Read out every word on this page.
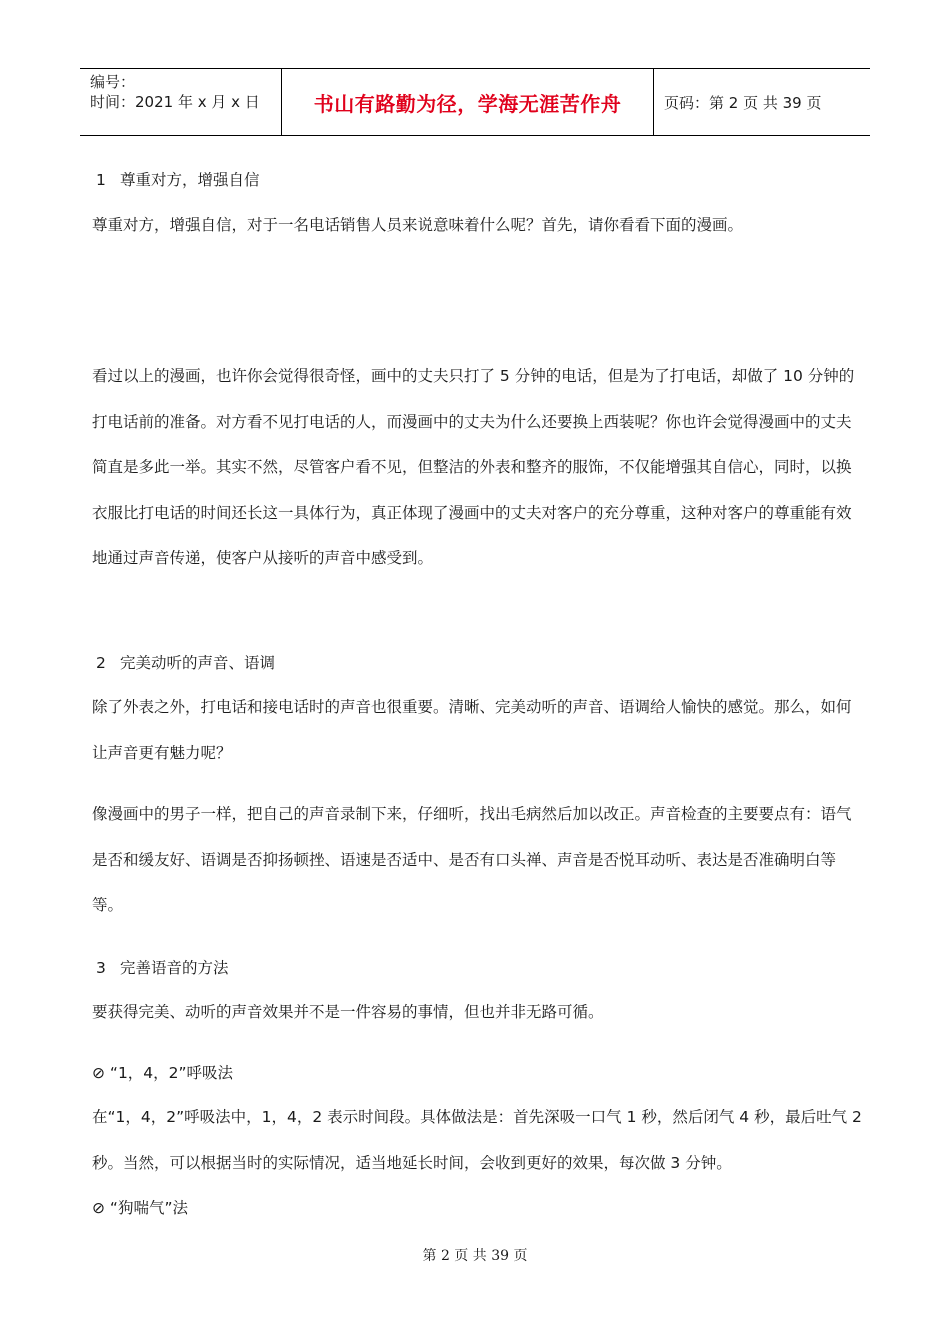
编号：
时间：2021 年 x 月 x 日	书山有路勤为径，学海无涯苦作舟	页码：第 2 页 共 39 页
1 尊重对方，增强自信
尊重对方，增强自信，对于一名电话销售人员来说意味着什么呢？首先，请你看看下面的漫画。
看过以上的漫画，也许你会觉得很奇怪，画中的丈夫只打了 5 分钟的电话，但是为了打电话，却做了 10 分钟的打电话前的准备。对方看不见打电话的人，而漫画中的丈夫为什么还要换上西装呢？你也许会觉得漫画中的丈夫简直是多此一举。其实不然，尽管客户看不见，但整洁的外表和整齐的服饰，不仅能增强其自信心，同时，以换衣服比打电话的时间还长这一具体行为，真正体现了漫画中的丈夫对客户的充分尊重，这种对客户的尊重能有效地通过声音传递，使客户从接听的声音中感受到。
2 完美动听的声音、语调
除了外表之外，打电话和接电话时的声音也很重要。清晰、完美动听的声音、语调给人愉快的感觉。那么，如何让声音更有魅力呢？
像漫画中的男子一样，把自己的声音录制下来，仔细听，找出毛病然后加以改正。声音检查的主要要点有：语气是否和缓友好、语调是否抑扬顿挫、语速是否适中、是否有口头禅、声音是否悦耳动听、表达是否准确明白等等。
3 完善语音的方法
要获得完美、动听的声音效果并不是一件容易的事情，但也并非无路可循。
⊘ “1，4，2”呼吸法
在“1，4，2”呼吸法中，1，4，2 表示时间段。具体做法是：首先深吸一口气 1 秒，然后闭气 4 秒，最后吐气 2 秒。当然，可以根据当时的实际情况，适当地延长时间，会收到更好的效果，每次做 3 分钟。
⊘ “狗喘气”法
第 2 页 共 39 页
